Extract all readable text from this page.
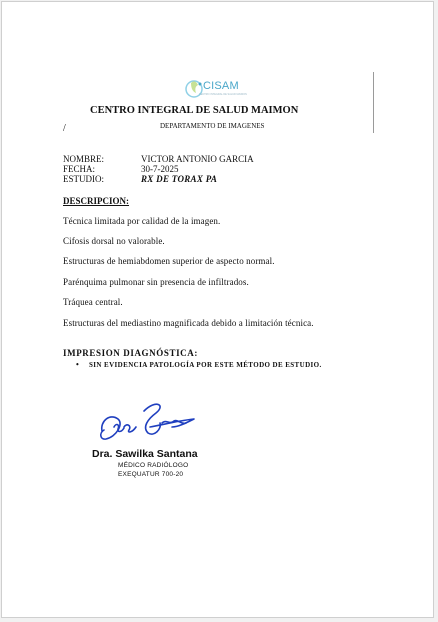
CISAM
CENTRO INTEGRAL DE SALUD MAIMON
CENTRO INTEGRAL DE SALUD MAIMON
DEPARTAMENTO DE IMAGENES
/
NOMBRE:	VICTOR ANTONIO GARCIA
FECHA:	30-7-2025
ESTUDIO:	RX DE TORAX PA
DESCRIPCION:
Técnica limitada por calidad de la imagen.
Cifosis dorsal no valorable.
Estructuras de hemiabdomen superior de aspecto normal.
Parénquima pulmonar sin presencia de infiltrados.
Tráquea central.
Estructuras del mediastino magnificada debido a limitación técnica.
IMPRESION DIAGNÓSTICA:
• SIN EVIDENCIA PATOLOGÍA POR ESTE MÉTODO DE ESTUDIO.
Dra. Sawilka Santana
MÉDICO RADIÓLOGO
EXEQUATUR 700-20
